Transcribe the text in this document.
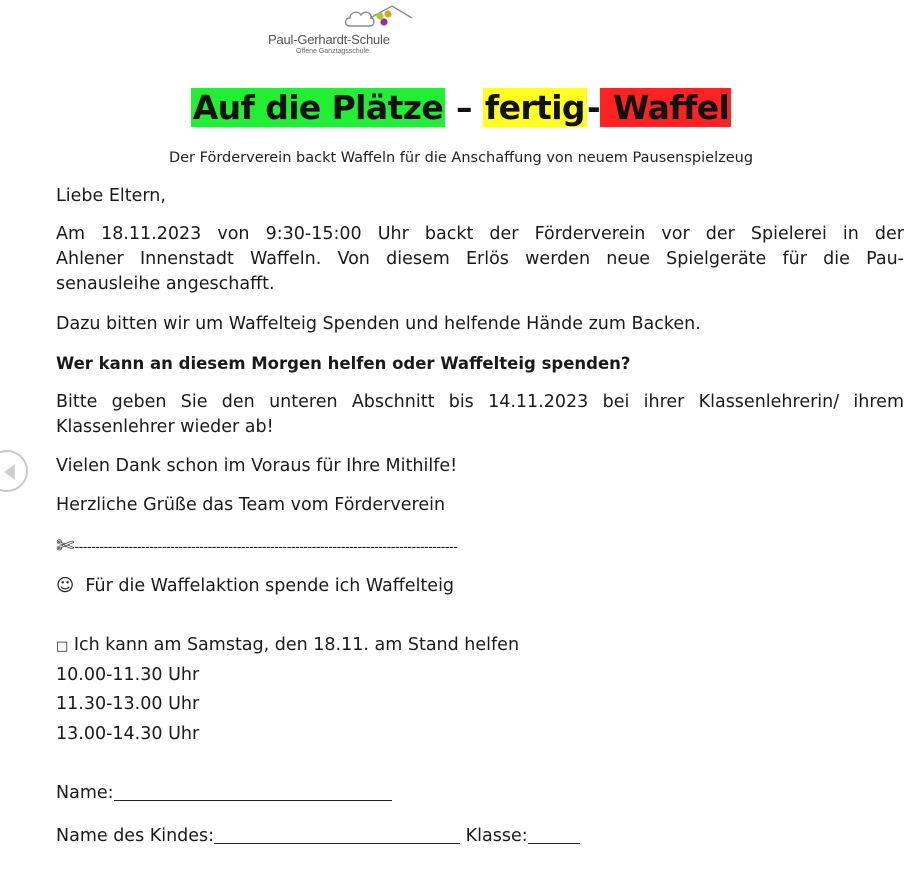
Paul-Gerhardt-Schule
Offene Ganztagsschule
Auf die Plätze – fertig- Waffel
Der Förderverein backt Waffeln für die Anschaffung von neuem Pausenspielzeug
Liebe Eltern,
Am 18.11.2023 von 9:30-15:00 Uhr backt der Förderverein vor der Spielerei in der
Ahlener Innenstadt Waffeln. Von diesem Erlös werden neue Spielgeräte für die Pau-
senausleihe angeschafft.
Dazu bitten wir um Waffelteig Spenden und helfende Hände zum Backen.
Wer kann an diesem Morgen helfen oder Waffelteig spenden?
Bitte geben Sie den unteren Abschnitt bis 14.11.2023 bei ihrer Klassenlehrerin/ ihrem
Klassenlehrer wieder ab!
Vielen Dank schon im Voraus für Ihre Mithilfe!
Herzliche Grüße das Team vom Förderverein
✄--------------------------------------------------------------------------------------------
☺ Für die Waffelaktion spende ich Waffelteig
□ Ich kann am Samstag, den 18.11. am Stand helfen
10.00-11.30 Uhr
11.30-13.00 Uhr
13.00-14.30 Uhr
Name:
Name des Kindes:	Klasse:
